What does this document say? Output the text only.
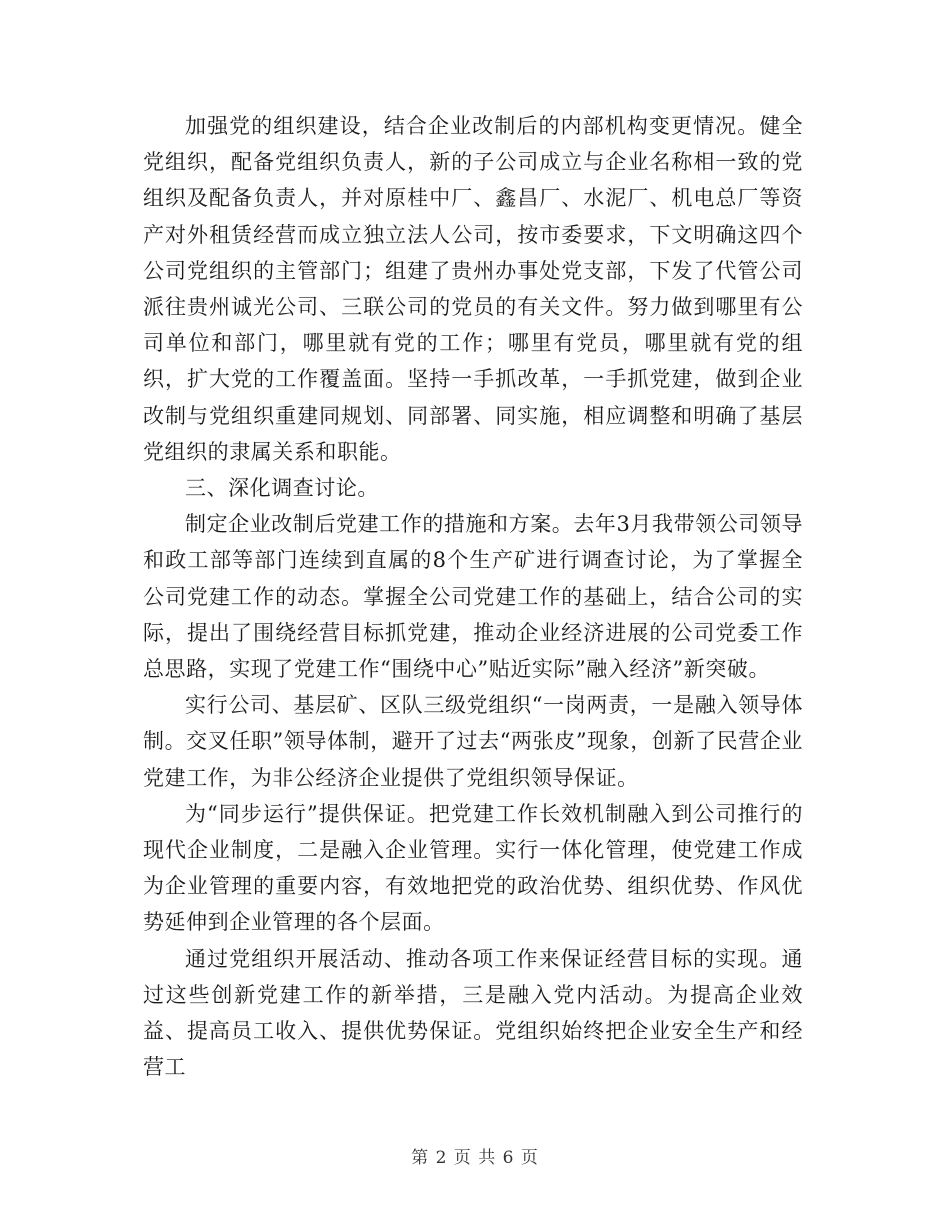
加强党的组织建设，结合企业改制后的内部机构变更情况。健全党组织，配备党组织负责人，新的子公司成立与企业名称相一致的党组织及配备负责人，并对原桂中厂、鑫昌厂、水泥厂、机电总厂等资产对外租赁经营而成立独立法人公司，按市委要求，下文明确这四个公司党组织的主管部门；组建了贵州办事处党支部，下发了代管公司派往贵州诚光公司、三联公司的党员的有关文件。努力做到哪里有公司单位和部门，哪里就有党的工作；哪里有党员，哪里就有党的组织，扩大党的工作覆盖面。坚持一手抓改革，一手抓党建，做到企业改制与党组织重建同规划、同部署、同实施，相应调整和明确了基层党组织的隶属关系和职能。

三、深化调查讨论。

制定企业改制后党建工作的措施和方案。去年3月我带领公司领导和政工部等部门连续到直属的8个生产矿进行调查讨论，为了掌握全公司党建工作的动态。掌握全公司党建工作的基础上，结合公司的实际，提出了围绕经营目标抓党建，推动企业经济进展的公司党委工作总思路，实现了党建工作“围绕中心”贴近实际”融入经济”新突破。

实行公司、基层矿、区队三级党组织“一岗两责，一是融入领导体制。交叉任职”领导体制，避开了过去“两张皮”现象，创新了民营企业党建工作，为非公经济企业提供了党组织领导保证。

为“同步运行”提供保证。把党建工作长效机制融入到公司推行的现代企业制度，二是融入企业管理。实行一体化管理，使党建工作成为企业管理的重要内容，有效地把党的政治优势、组织优势、作风优势延伸到企业管理的各个层面。

通过党组织开展活动、推动各项工作来保证经营目标的实现。通过这些创新党建工作的新举措，三是融入党内活动。为提高企业效益、提高员工收入、提供优势保证。党组织始终把企业安全生产和经营工

第 2 页 共 6 页
